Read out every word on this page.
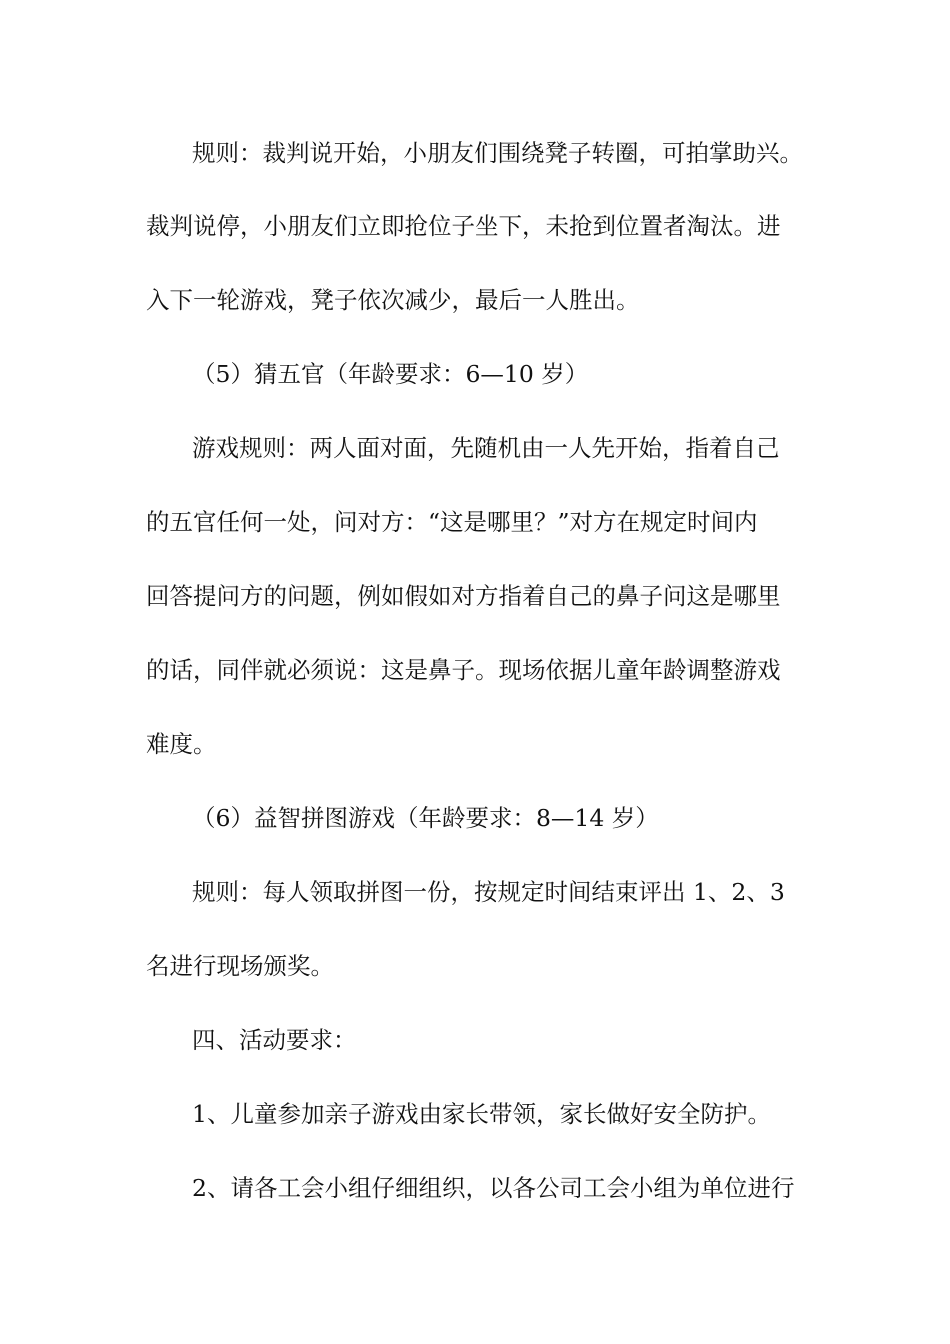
规则：裁判说开始，小朋友们围绕凳子转圈，可拍掌助兴。
裁判说停，小朋友们立即抢位子坐下，未抢到位置者淘汰。进
入下一轮游戏，凳子依次减少，最后一人胜出。
（5）猜五官（年龄要求：6—10 岁）
游戏规则：两人面对面，先随机由一人先开始，指着自己
的五官任何一处，问对方：“这是哪里？”对方在规定时间内
回答提问方的问题，例如假如对方指着自己的鼻子问这是哪里
的话，同伴就必须说：这是鼻子。现场依据儿童年龄调整游戏
难度。
（6）益智拼图游戏（年龄要求：8—14 岁）
规则：每人领取拼图一份，按规定时间结束评出 1、2、3
名进行现场颁奖。
四、活动要求：
1、儿童参加亲子游戏由家长带领，家长做好安全防护。
2、请各工会小组仔细组织，以各公司工会小组为单位进行
